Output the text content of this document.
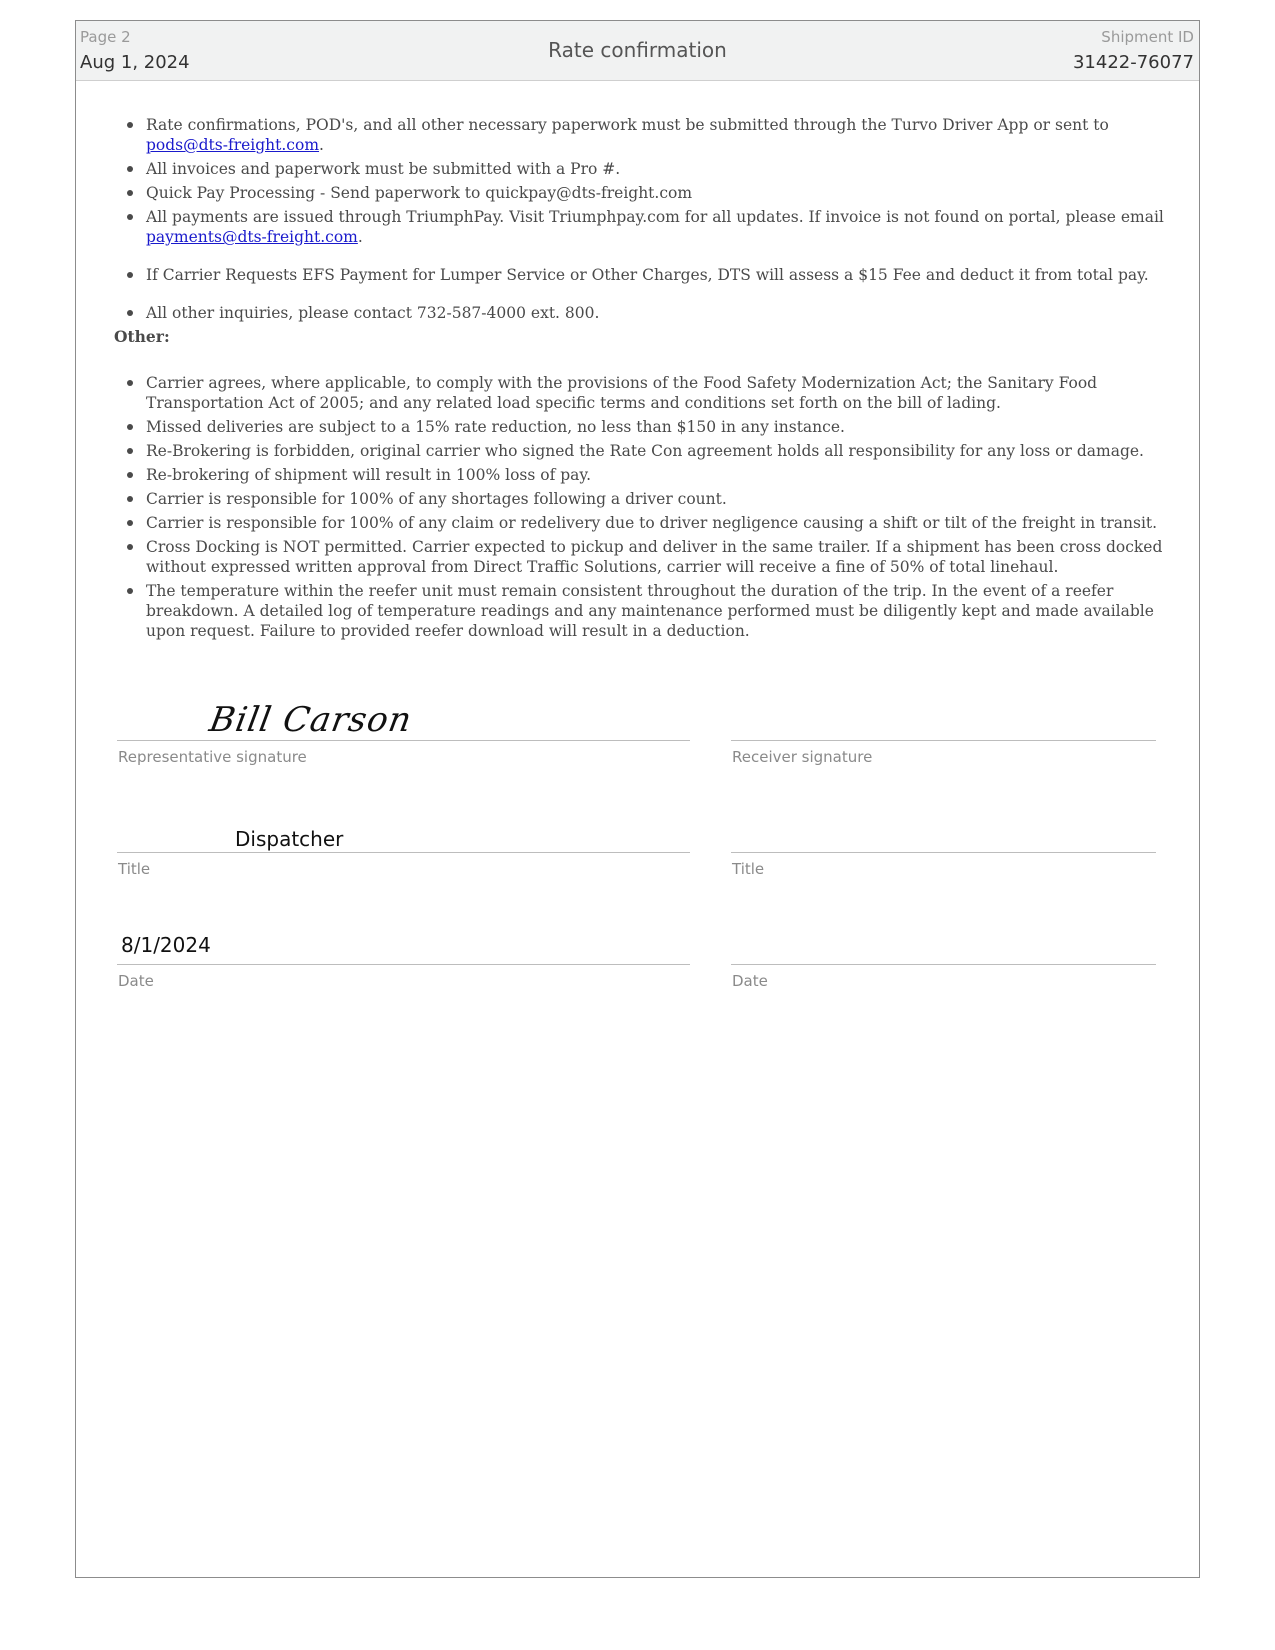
Page 2
Aug 1, 2024
Rate confirmation
Shipment ID
31422-76077
Rate confirmations, POD's, and all other necessary paperwork must be submitted through the Turvo Driver App or sent to pods@dts-freight.com.
All invoices and paperwork must be submitted with a Pro #.
Quick Pay Processing - Send paperwork to quickpay@dts-freight.com
All payments are issued through TriumphPay. Visit Triumphpay.com for all updates. If invoice is not found on portal, please email payments@dts-freight.com.
If Carrier Requests EFS Payment for Lumper Service or Other Charges, DTS will assess a $15 Fee and deduct it from total pay.
All other inquiries, please contact 732-587-4000 ext. 800.
Other:
Carrier agrees, where applicable, to comply with the provisions of the Food Safety Modernization Act; the Sanitary Food Transportation Act of 2005; and any related load specific terms and conditions set forth on the bill of lading.
Missed deliveries are subject to a 15% rate reduction, no less than $150 in any instance.
Re-Brokering is forbidden, original carrier who signed the Rate Con agreement holds all responsibility for any loss or damage.
Re-brokering of shipment will result in 100% loss of pay.
Carrier is responsible for 100% of any shortages following a driver count.
Carrier is responsible for 100% of any claim or redelivery due to driver negligence causing a shift or tilt of the freight in transit.
Cross Docking is NOT permitted. Carrier expected to pickup and deliver in the same trailer. If a shipment has been cross docked without expressed written approval from Direct Traffic Solutions, carrier will receive a fine of 50% of total linehaul.
The temperature within the reefer unit must remain consistent throughout the duration of the trip. In the event of a reefer breakdown. A detailed log of temperature readings and any maintenance performed must be diligently kept and made available upon request. Failure to provided reefer download will result in a deduction.
Bill Carson
Representative signature	Receiver signature
Dispatcher
Title	Title
8/1/2024
Date	Date
